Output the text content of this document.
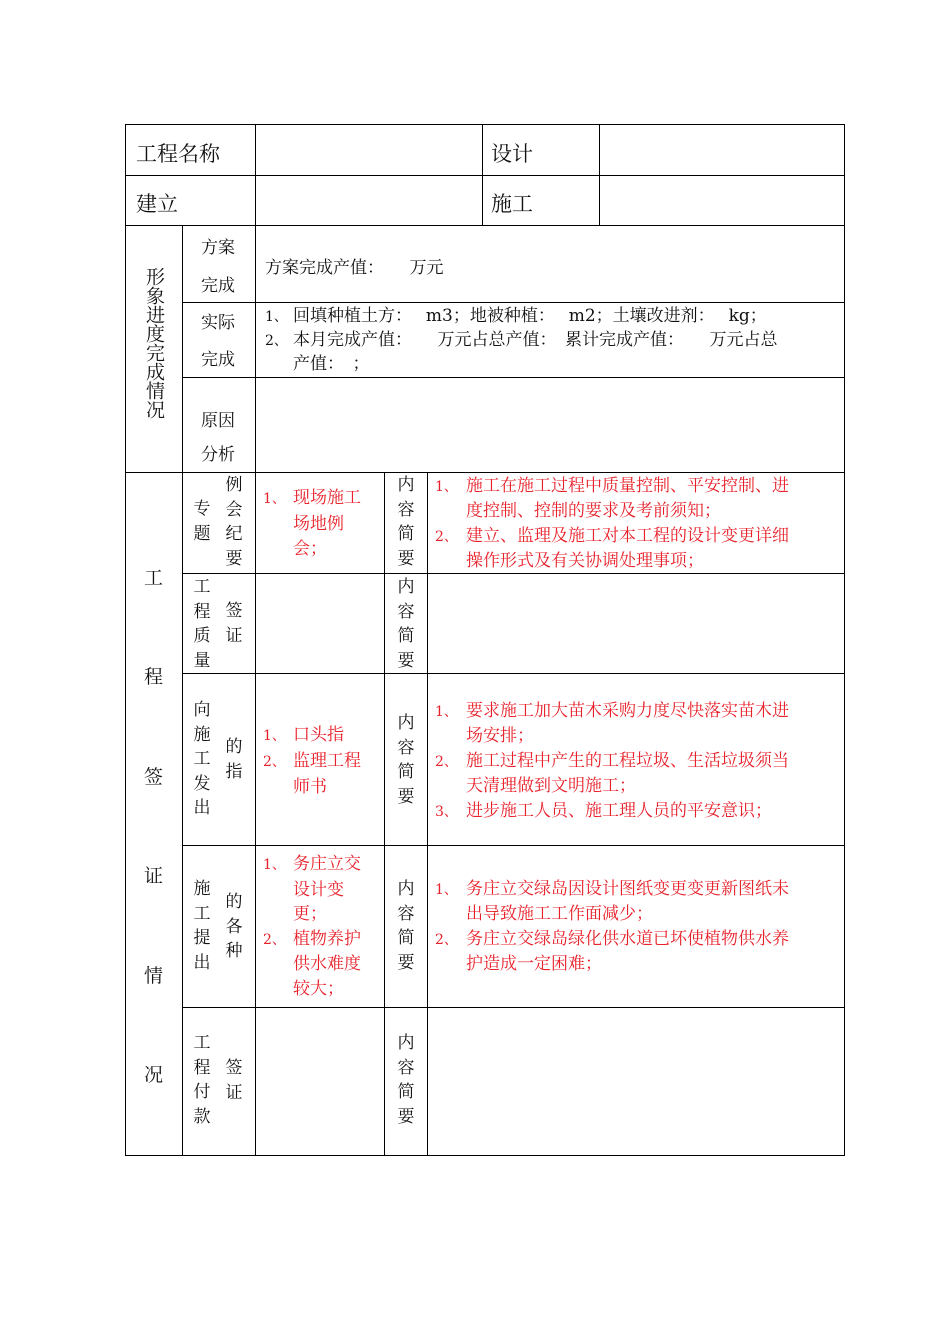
工程名称	设计
建立	施工
形象进度完成情况
方案
完成
方案完成产值：　　万元
实际
完成
1、 回填种植土方：　 m3；地被种植：　 m2；土壤改进剂：　 kg；
2、 本月完成产值：　　万元占总产值：　累计完成产值：　　万元占总
产值：　；
原因
分析
工
程
签
证
情
况
专题
例会纪要
1、 现场施工
场地例
会；
内
容
简
要
1、 施工在施工过程中质量控制、平安控制、进
度控制、控制的要求及考前须知；
2、 建立、监理及施工对本工程的设计变更详细
操作形式及有关协调处理事项；
工程质量
签证
内
容
简
要
向施工发出
的指
1、 口头指
2、 监理工程
师书
内
容
简
要
1、 要求施工加大苗木采购力度尽快落实苗木进
场安排；
2、 施工过程中产生的工程垃圾、生活垃圾须当
天清理做到文明施工；
3、 进步施工人员、施工理人员的平安意识；
施工提出
的各种
1、 务庄立交
设计变
更；
2、 植物养护
供水难度
较大；
内
容
简
要
1、 务庄立交绿岛因设计图纸变更变更新图纸未
出导致施工工作面减少；
2、 务庄立交绿岛绿化供水道已坏使植物供水养
护造成一定困难；
工程付款
签证
内
容
简
要
